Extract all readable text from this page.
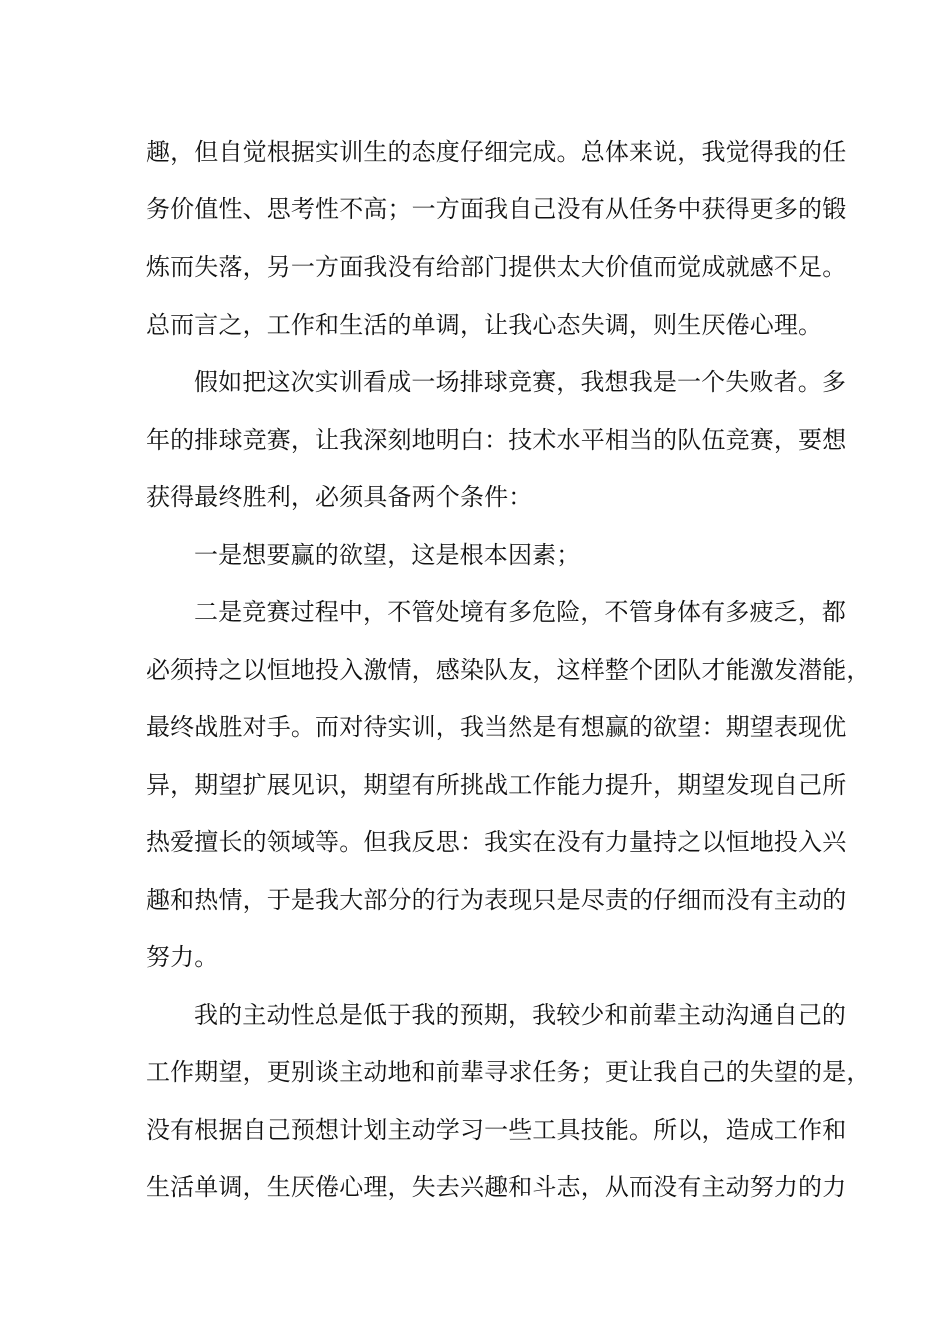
趣，但自觉根据实训生的态度仔细完成。总体来说，我觉得我的任
务价值性、思考性不高；一方面我自己没有从任务中获得更多的锻
炼而失落，另一方面我没有给部门提供太大价值而觉成就感不足。
总而言之，工作和生活的单调，让我心态失调，则生厌倦心理。
假如把这次实训看成一场排球竞赛，我想我是一个失败者。多
年的排球竞赛，让我深刻地明白：技术水平相当的队伍竞赛，要想
获得最终胜利，必须具备两个条件：
一是想要赢的欲望，这是根本因素；
二是竞赛过程中，不管处境有多危险，不管身体有多疲乏，都
必须持之以恒地投入激情，感染队友，这样整个团队才能激发潜能，
最终战胜对手。而对待实训，我当然是有想赢的欲望：期望表现优
异，期望扩展见识，期望有所挑战工作能力提升，期望发现自己所
热爱擅长的领域等。但我反思：我实在没有力量持之以恒地投入兴
趣和热情，于是我大部分的行为表现只是尽责的仔细而没有主动的
努力。
我的主动性总是低于我的预期，我较少和前辈主动沟通自己的
工作期望，更别谈主动地和前辈寻求任务；更让我自己的失望的是，
没有根据自己预想计划主动学习一些工具技能。所以，造成工作和
生活单调，生厌倦心理，失去兴趣和斗志，从而没有主动努力的力
